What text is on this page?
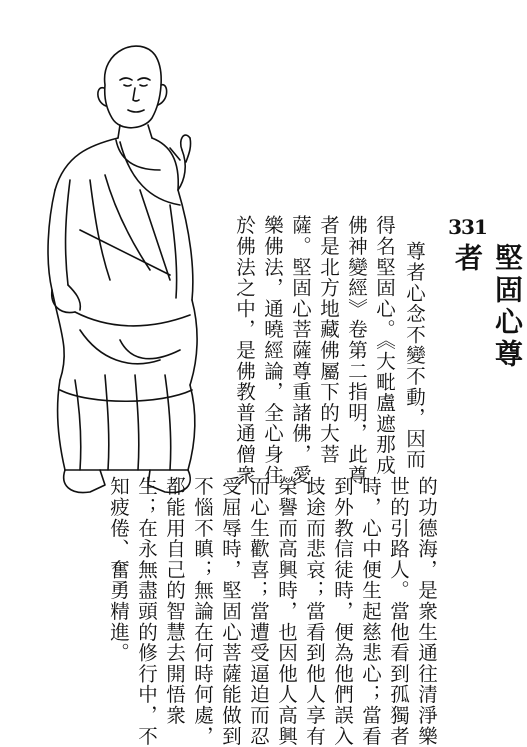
331
堅固心尊者
尊者心念不變不動，因而
得名堅固心。《大毗盧遮那成
佛神變經》卷第二指明，此尊
者是北方地藏佛屬下的大菩
薩。堅固心菩薩尊重諸佛，愛
樂佛法，通曉經論，全心身住
於佛法之中，是佛教普通僧衆
的功德海，是衆生通往清淨樂
世的引路人。當他看到孤獨者
時，心中便生起慈悲心；當看
到外教信徒時，便為他們誤入
歧途而悲哀；當看到他人享有
榮譽而高興時，也因他人高興
而心生歡喜；當遭受逼迫而忍
受屈辱時，堅固心菩薩能做到
不惱不瞋；無論在何時何處，
都能用自己的智慧去開悟衆
生；在永無盡頭的修行中，不
知疲倦、奮勇精進。
